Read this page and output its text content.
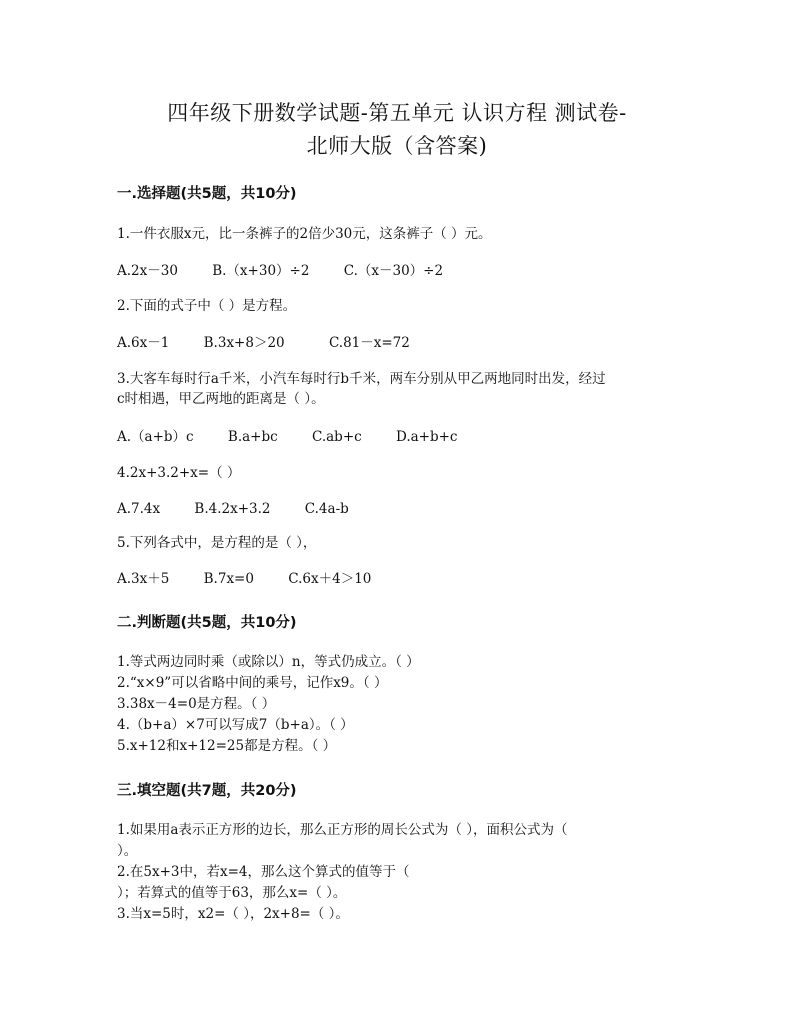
四年级下册数学试题-第五单元 认识方程 测试卷-
北师大版（含答案)
一.选择题(共5题，共10分)
1.一件衣服x元，比一条裤子的2倍少30元，这条裤子（ ）元。
A.2x－30	B.（x+30）÷2	C.（x－30）÷2
2.下面的式子中（ ）是方程。
A.6x－1	B.3x+8＞20	C.81－x=72
3.大客车每时行a千米，小汽车每时行b千米，两车分别从甲乙两地同时出发，经过
c时相遇，甲乙两地的距离是（ ）。
A.（a+b）c	B.a+bc	C.ab+c	D.a+b+c
4.2x+3.2+x=（ ）
A.7.4x	B.4.2x+3.2	C.4a-b
5.下列各式中，是方程的是（ ），
A.3x＋5	B.7x=0	C.6x＋4＞10
二.判断题(共5题，共10分)
1.等式两边同时乘（或除以）n，等式仍成立。（ ）
2.“x×9”可以省略中间的乘号，记作x9。（ ）
3.38x－4=0是方程。（ ）
4.（b+a）×7可以写成7（b+a）。（ ）
5.x+12和x+12=25都是方程。（ ）
三.填空题(共7题，共20分)
1.如果用a表示正方形的边长，那么正方形的周长公式为（ ），面积公式为（
）。
2.在5x+3中，若x=4，那么这个算式的值等于（
）；若算式的值等于63，那么x=（ ）。
3.当x=5时，x2=（ ），2x+8=（ ）。
